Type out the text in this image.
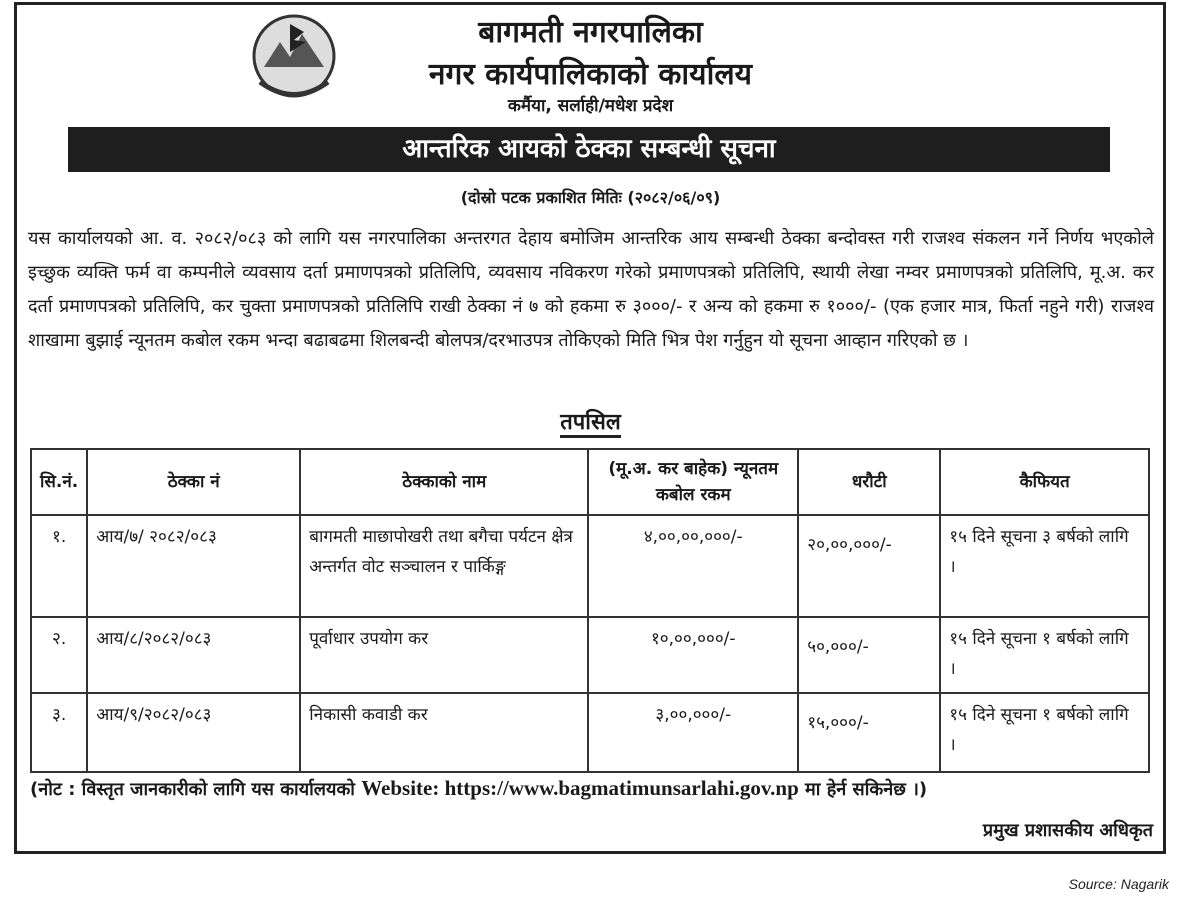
बागमती नगरपालिका
नगर कार्यपालिकाको कार्यालय
कर्मैया, सर्लाही/मधेश प्रदेश
आन्तरिक आयको ठेक्का सम्बन्धी सूचना
(दोस्रो पटक प्रकाशित मितिः (२०८२/०६/०९)

यस कार्यालयको आ. व. २०८२/०८३ को लागि यस नगरपालिका अन्तरगत देहाय बमोजिम आन्तरिक आय सम्बन्धी ठेक्का बन्दोवस्त गरी राजश्व संकलन गर्ने निर्णय भएकोले इच्छुक व्यक्ति फर्म वा कम्पनीले व्यवसाय दर्ता प्रमाणपत्रको प्रतिलिपि, व्यवसाय नविकरण गरेको प्रमाणपत्रको प्रतिलिपि, स्थायी लेखा नम्वर प्रमाणपत्रको प्रतिलिपि, मू.अ. कर दर्ता प्रमाणपत्रको प्रतिलिपि, कर चुक्ता प्रमाणपत्रको प्रतिलिपि राखी ठेक्का नं ७ को हकमा रु ३०००/- र अन्य को हकमा रु १०००/- (एक हजार मात्र, फिर्ता नहुने गरी) राजश्व शाखामा बुझाई न्यूनतम कबोल रकम भन्दा बढाबढमा शिलबन्दी बोलपत्र/दरभाउपत्र तोकिएको मिति भित्र पेश गर्नुहुन यो सूचना आव्हान गरिएको छ ।

तपसिल
सि.नं.	ठेक्का नं	ठेक्काको नाम	(मू.अ. कर बाहेक) न्यूनतम कबोल रकम	धरौटी	कैफियत
१.	आय/७/ २०८२/०८३	बागमती माछापोखरी तथा बगैचा पर्यटन क्षेत्र अन्तर्गत वोट सञ्चालन र पार्किङ्ग	४,००,००,०००/-	२०,००,०००/-	१५ दिने सूचना ३ बर्षको लागि ।
२.	आय/८/२०८२/०८३	पूर्वाधार उपयोग कर	१०,००,०००/-	५०,०००/-	१५ दिने सूचना १ बर्षको लागि ।
३.	आय/९/२०८२/०८३	निकासी कवाडी कर	३,००,०००/-	१५,०००/-	१५ दिने सूचना १ बर्षको लागि ।
(नोट : विस्तृत जानकारीको लागि यस कार्यालयको Website: https://www.bagmatimunsarlahi.gov.np मा हेर्न सकिनेछ ।)
प्रमुख प्रशासकीय अधिकृत
Source: Nagarik
